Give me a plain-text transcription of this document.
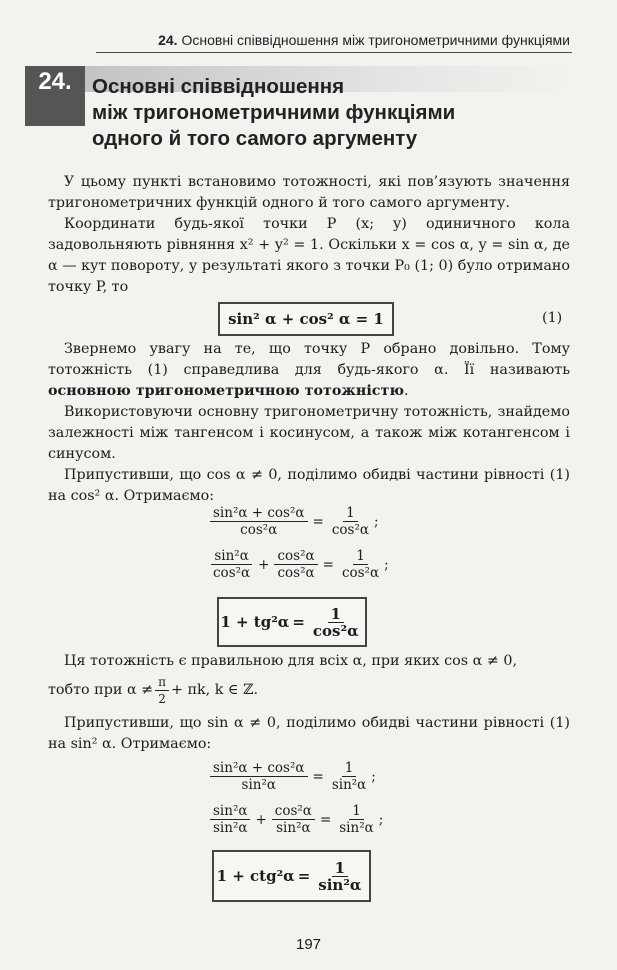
24. Основні співвідношення між тригонометричними функціями
24. Основні співвідношення
між тригонометричними функціями
одного й того самого аргументу

У цьому пункті встановимо тотожності, які пов’язують значення тригонометричних функцій одного й того самого аргументу.

Координати будь-якої точки P (x; y) одиничного кола задовольняють рівняння x² + y² = 1. Оскільки x = cos α, y = sin α, де α — кут повороту, у результаті якого з точки P₀ (1; 0) було отримано точку P, то

sin² α + cos² α = 1	(1)

Звернемо увагу на те, що точку P обрано довільно. Тому тотожність (1) справедлива для будь-якого α. Її називають основною тригонометричною тотожністю.

Використовуючи основну тригонометричну тотожність, знайдемо залежності між тангенсом і косинусом, а також між котангенсом і синусом.

Припустивши, що cos α ≠ 0, поділимо обидві частини рівності (1) на cos² α. Отримаємо:

$\frac{\text{sin²α + cos²α}}{\text{cos²α}} = \frac{1}{\text{cos²α}}$ ;
$\frac{\text{sin²α}}{\text{cos²α}} + \frac{\text{cos²α}}{\text{cos²α}} = \frac{1}{\text{cos²α}}$ ;
$1 + tg^2\alpha = \frac{1}{\text{cos²α}}$

Ця тотожність є правильною для всіх α, при яких cos α ≠ 0,

тобто при
$\alpha \ne \frac{\pi}{2} + \pi k$,
k ∈ ℤ.

Припустивши, що sin α ≠ 0, поділимо обидві частини рівності (1) на sin² α. Отримаємо:

$\frac{\text{sin²α + cos²α}}{\text{sin²α}} = \frac{1}{\text{sin²α}}$ ;
$\frac{\text{sin²α}}{\text{sin²α}} + \frac{\text{cos²α}}{\text{sin²α}} = \frac{1}{\text{sin²α}}$ ;
$1 + ctg^2\alpha = \frac{1}{\text{sin²α}}$
197
